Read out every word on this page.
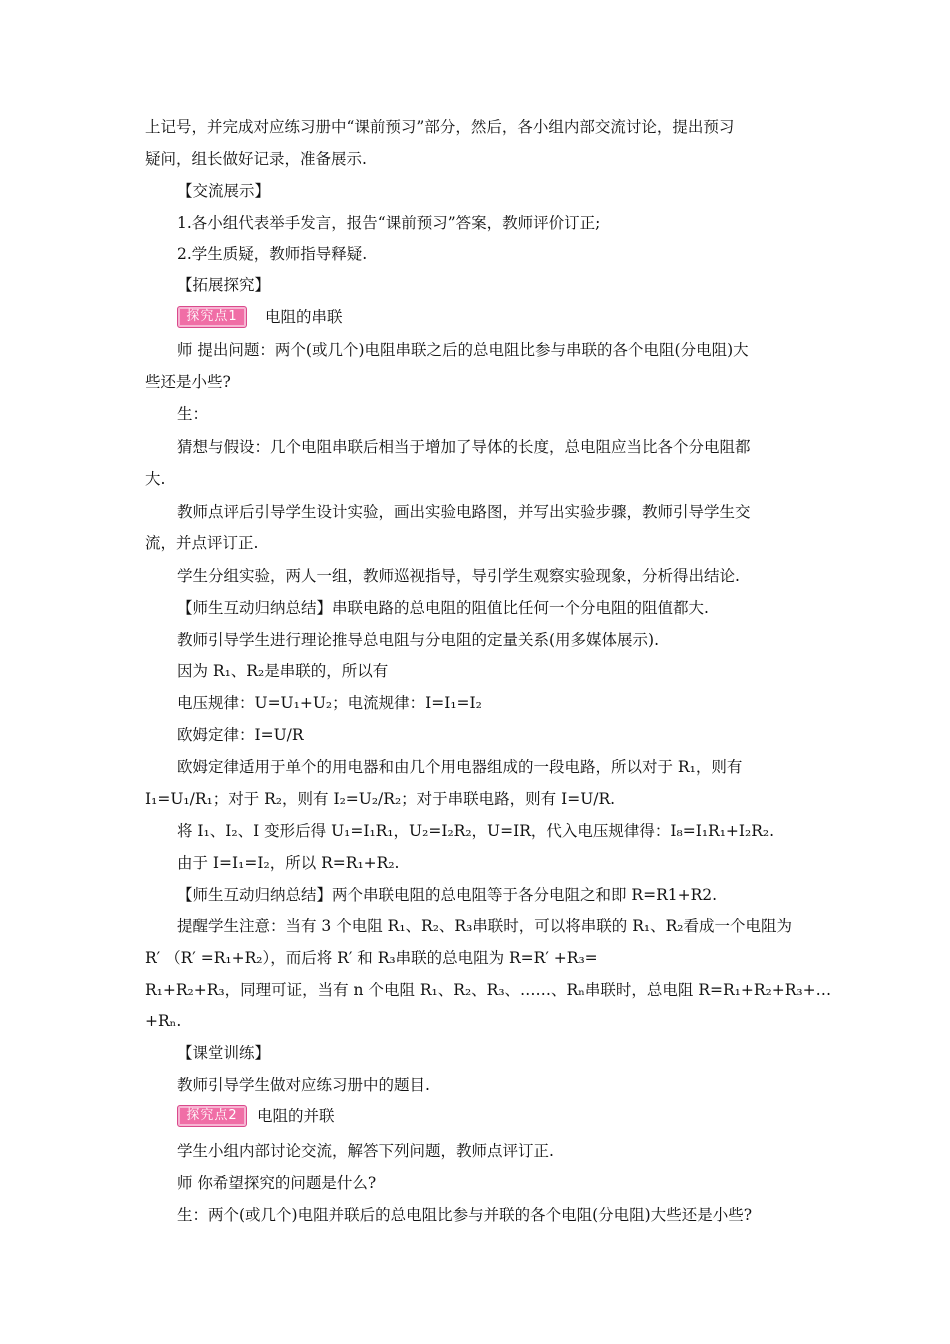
上记号，并完成对应练习册中“课前预习”部分，然后，各小组内部交流讨论，提出预习
疑问，组长做好记录，准备展示.
【交流展示】
1.各小组代表举手发言，报告“课前预习”答案，教师评价订正;
2.学生质疑，教师指导释疑.
【拓展探究】
探究点1	电阻的串联
师 提出问题：两个(或几个)电阻串联之后的总电阻比参与串联的各个电阻(分电阻)大
些还是小些?
生：
猜想与假设：几个电阻串联后相当于增加了导体的长度，总电阻应当比各个分电阻都
大.
教师点评后引导学生设计实验，画出实验电路图，并写出实验步骤，教师引导学生交
流，并点评订正.
学生分组实验，两人一组，教师巡视指导，导引学生观察实验现象，分析得出结论.
【师生互动归纳总结】串联电路的总电阻的阻值比任何一个分电阻的阻值都大.
教师引导学生进行理论推导总电阻与分电阻的定量关系(用多媒体展示).
因为 R₁、R₂是串联的，所以有
电压规律：U=U₁+U₂；电流规律：I=I₁=I₂
欧姆定律：I=U/R
欧姆定律适用于单个的用电器和由几个用电器组成的一段电路，所以对于 R₁，则有
I₁=U₁/R₁；对于 R₂，则有 I₂=U₂/R₂；对于串联电路，则有 I=U/R.
将 I₁、I₂、I 变形后得 U₁=I₁R₁，U₂=I₂R₂，U=IR，代入电压规律得：I₈=I₁R₁+I₂R₂.
由于 I=I₁=I₂，所以 R=R₁+R₂.
【师生互动归纳总结】两个串联电阻的总电阻等于各分电阻之和即 R=R1+R2.
提醒学生注意：当有 3 个电阻 R₁、R₂、R₃串联时，可以将串联的 R₁、R₂看成一个电阻为
R′ （R′ =R₁+R₂），而后将 R′ 和 R₃串联的总电阻为 R=R′ +R₃=
R₁+R₂+R₃，同理可证，当有 n 个电阻 R₁、R₂、R₃、……、Rₙ串联时，总电阻 R=R₁+R₂+R₃+…
+Rₙ.
【课堂训练】
教师引导学生做对应练习册中的题目.
探究点2	电阻的并联
学生小组内部讨论交流，解答下列问题，教师点评订正.
师 你希望探究的问题是什么?
生：两个(或几个)电阻并联后的总电阻比参与并联的各个电阻(分电阻)大些还是小些?
